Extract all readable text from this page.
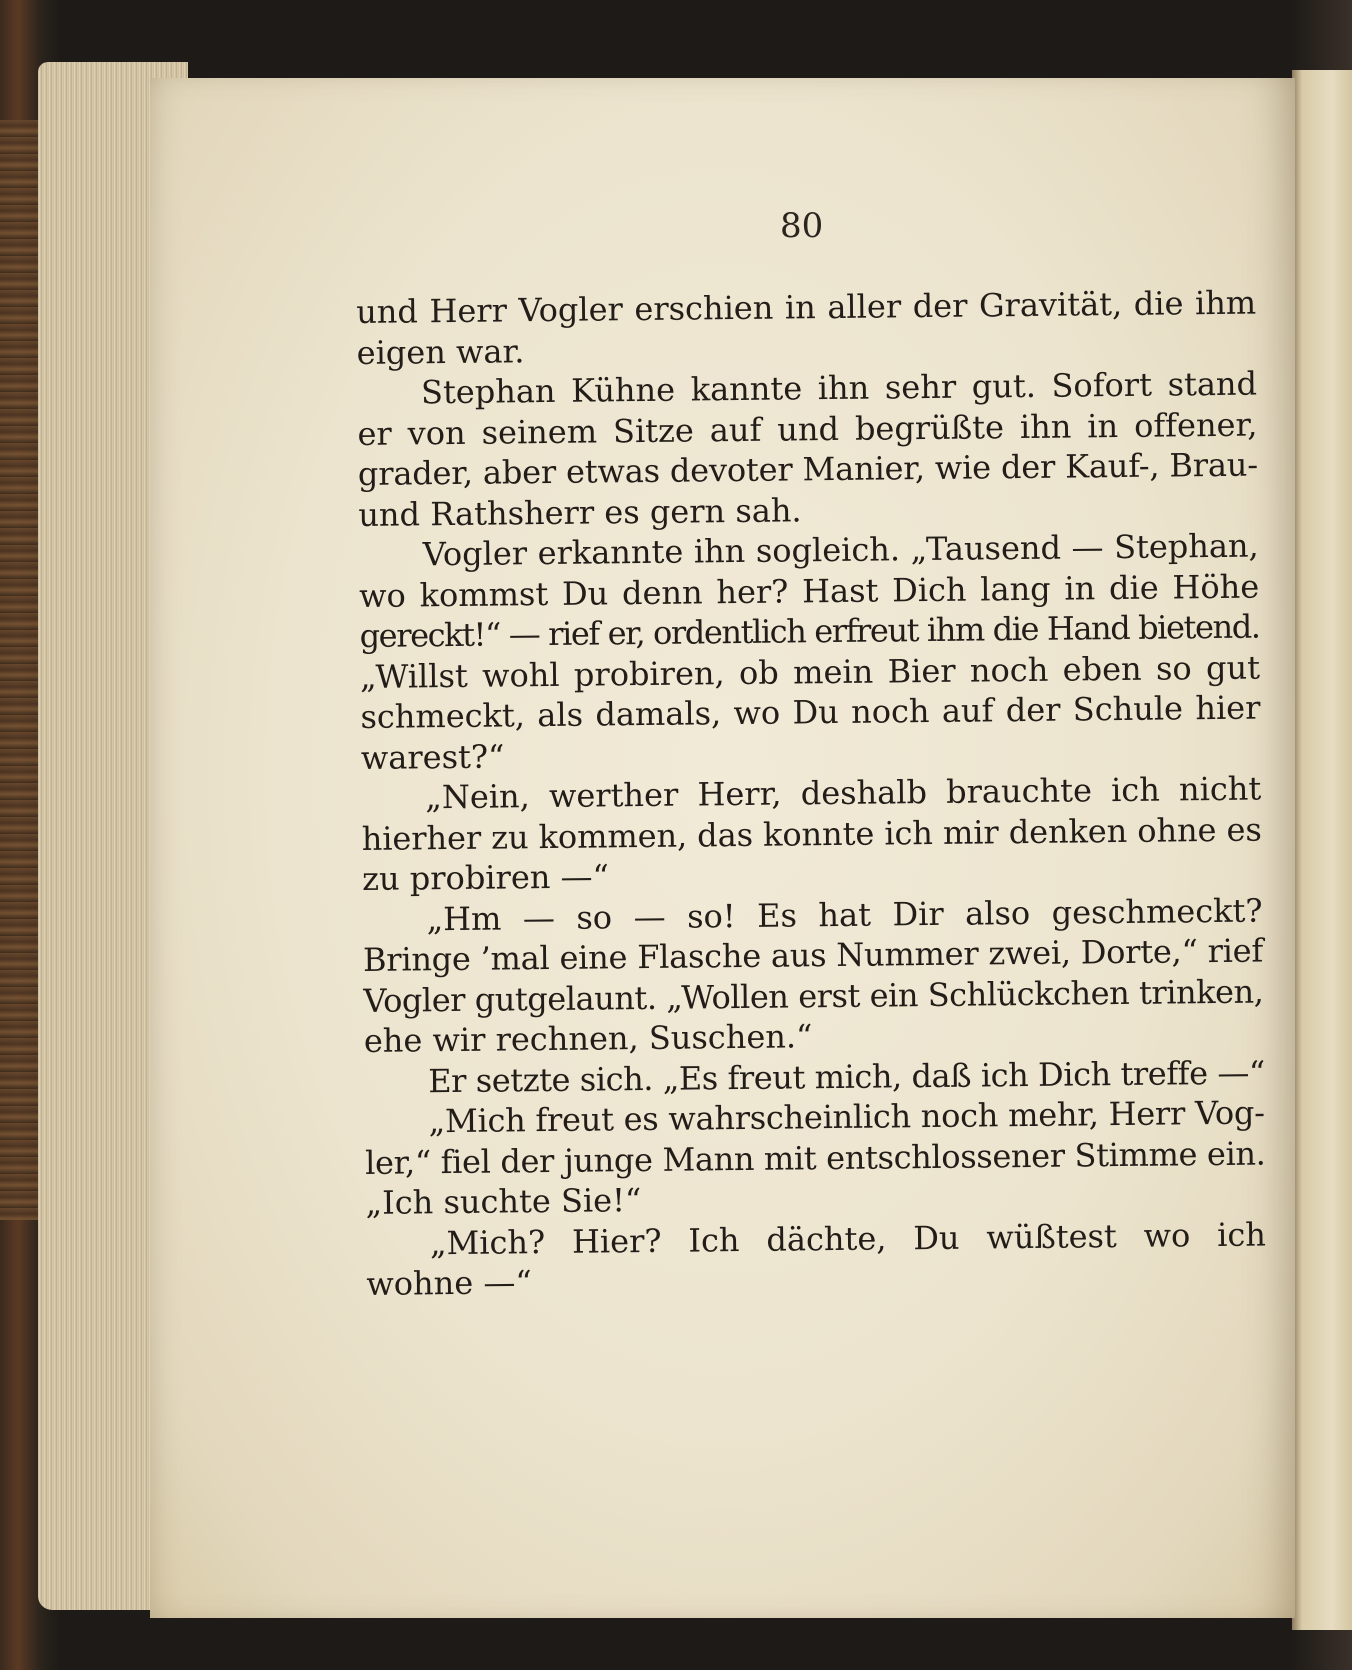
80
und Herr Vogler erschien in aller der Gravität, die ihm
eigen war.
Stephan Kühne kannte ihn sehr gut. Sofort stand
er von seinem Sitze auf und begrüßte ihn in offener,
grader, aber etwas devoter Manier, wie der Kauf-, Brau-
und Rathsherr es gern sah.
Vogler erkannte ihn sogleich. „Tausend — Stephan,
wo kommst Du denn her? Hast Dich lang in die Höhe
gereckt!“ — rief er, ordentlich erfreut ihm die Hand bietend.
„Willst wohl probiren, ob mein Bier noch eben so gut
schmeckt, als damals, wo Du noch auf der Schule hier
warest?“
„Nein, werther Herr, deshalb brauchte ich nicht
hierher zu kommen, das konnte ich mir denken ohne es
zu probiren —“
„Hm — so — so! Es hat Dir also geschmeckt?
Bringe ’mal eine Flasche aus Nummer zwei, Dorte,“ rief
Vogler gutgelaunt. „Wollen erst ein Schlückchen trinken,
ehe wir rechnen, Suschen.“
Er setzte sich. „Es freut mich, daß ich Dich treffe —“
„Mich freut es wahrscheinlich noch mehr, Herr Vog-
ler,“ fiel der junge Mann mit entschlossener Stimme ein.
„Ich suchte Sie!“
„Mich? Hier? Ich dächte, Du wüßtest wo ich
wohne —“
